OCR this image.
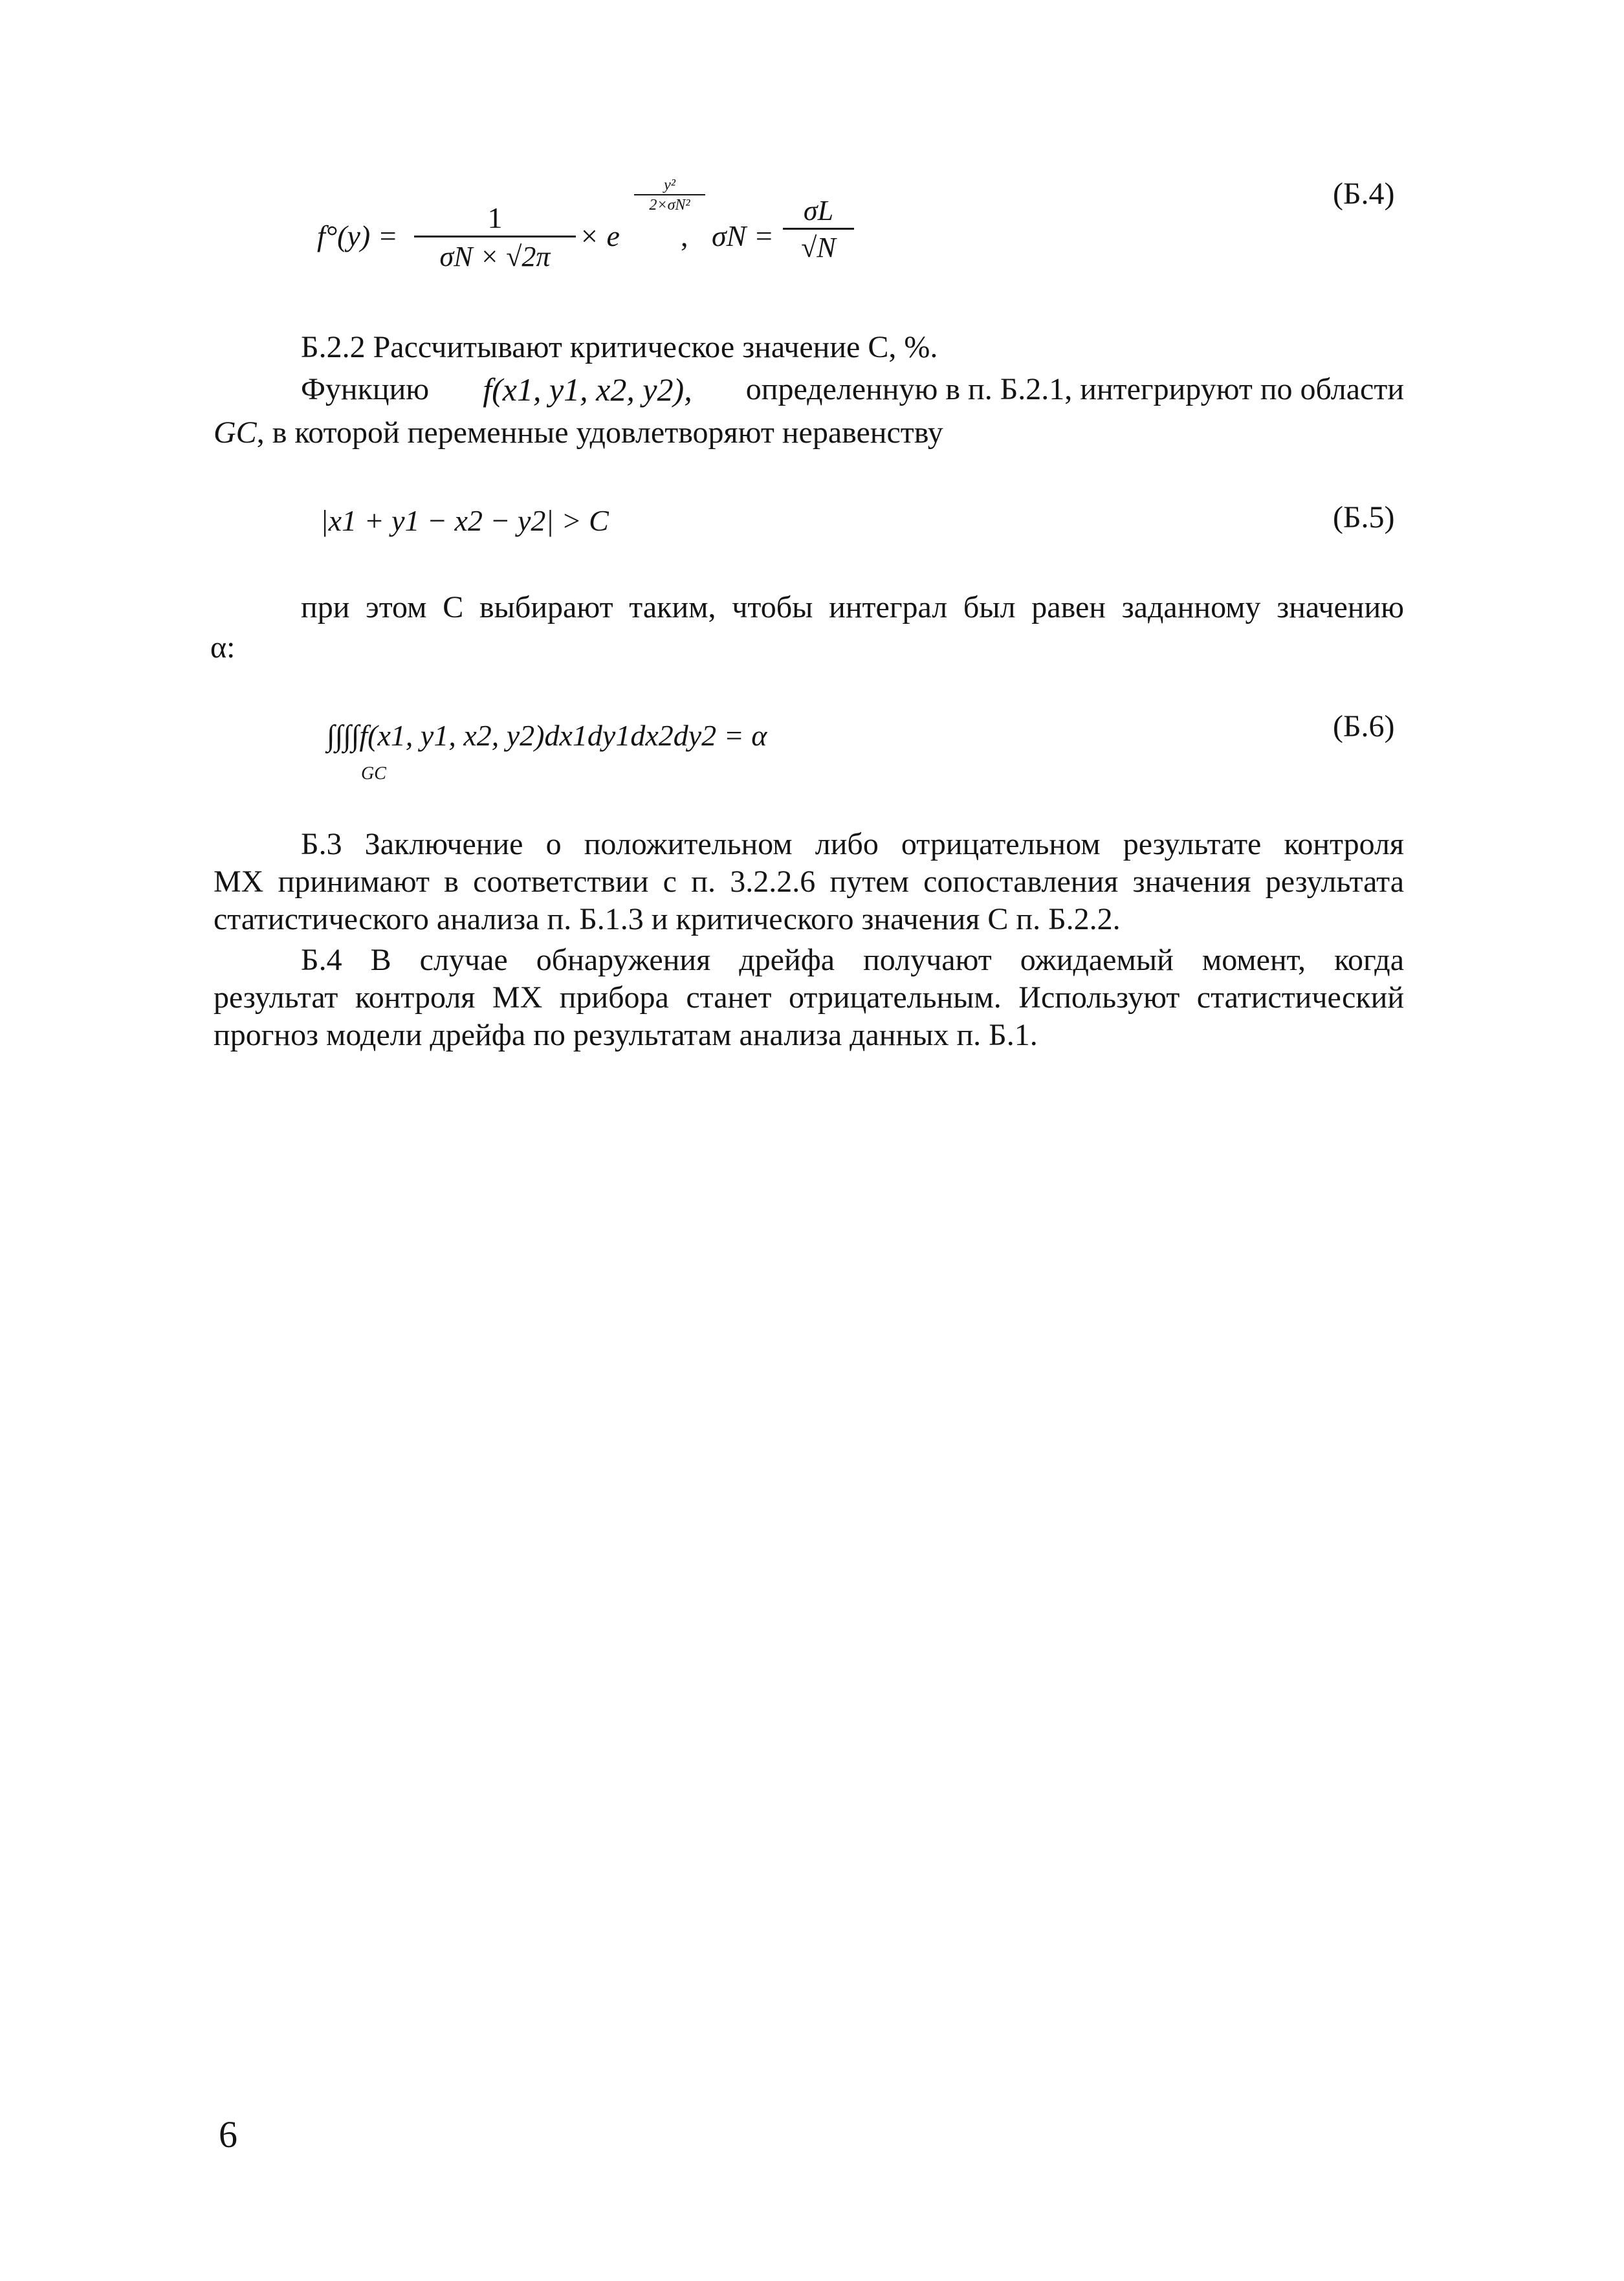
$f^\circ(y) = \frac{1}{\sigma N \times √2\pi} \times e$
$\frac{\text{y²}}{\text{2×σN²}}$
, $\sigma N = \frac{\sigma L}{√N}$
(Б.4)
Б.2.2 Рассчитывают критическое значение C, %.
Функцию f(x1, y1, x2, y2), определенную в п. Б.2.1, интегрируют по области
GC, в которой переменные удовлетворяют неравенству
|x1 + y1 − x2 − y2| > C	(Б.5)
при этом C выбирают таким, чтобы интеграл был равен заданному значению
α:
∫∫∫∫f(x1, y1, x2, y2)dx1dy1dx2dy2 = α
GC
(Б.6)
Б.3 Заключение о положительном либо отрицательном результате контроля
МХ принимают в соответствии с п. 3.2.2.6 путем сопоставления значения результата
статистического анализа п. Б.1.3 и критического значения C п. Б.2.2.
Б.4 В случае обнаружения дрейфа получают ожидаемый момент, когда
результат контроля МХ прибора станет отрицательным. Используют статистический
прогноз модели дрейфа по результатам анализа данных п. Б.1.
6
